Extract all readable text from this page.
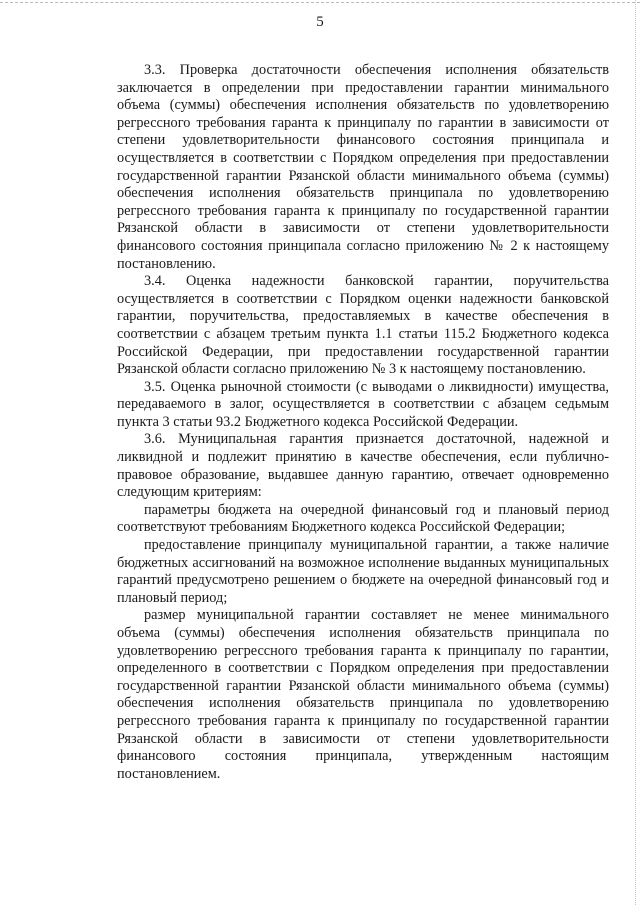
5

3.3. Проверка достаточности обеспечения исполнения обязательств заключается в определении при предоставлении гарантии минимального объема (суммы) обеспечения исполнения обязательств по удовлетворению регрессного требования гаранта к принципалу по гарантии в зависимости от степени удовлетворительности финансового состояния принципала и осуществляется в соответствии с Порядком определения при предоставлении государственной гарантии Рязанской области минимального объема (суммы) обеспечения исполнения обязательств принципала по удовлетворению регрессного требования гаранта к принципалу по государственной гарантии Рязанской области в зависимости от степени удовлетворительности финансового состояния принципала согласно приложению № 2 к настоящему постановлению.

3.4. Оценка надежности банковской гарантии, поручительства осуществляется в соответствии с Порядком оценки надежности банковской гарантии, поручительства, предоставляемых в качестве обеспечения в соответствии с абзацем третьим пункта 1.1 статьи 115.2 Бюджетного кодекса Российской Федерации, при предоставлении государственной гарантии Рязанской области согласно приложению № 3 к настоящему постановлению.

3.5. Оценка рыночной стоимости (с выводами о ликвидности) имущества, передаваемого в залог, осуществляется в соответствии с абзацем седьмым пункта 3 статьи 93.2 Бюджетного кодекса Российской Федерации.

3.6. Муниципальная гарантия признается достаточной, надежной и ликвидной и подлежит принятию в качестве обеспечения, если публично-правовое образование, выдавшее данную гарантию, отвечает одновременно следующим критериям:

параметры бюджета на очередной финансовый год и плановый период соответствуют требованиям Бюджетного кодекса Российской Федерации;

предоставление принципалу муниципальной гарантии, а также наличие бюджетных ассигнований на возможное исполнение выданных муниципальных гарантий предусмотрено решением о бюджете на очередной финансовый год и плановый период;

размер муниципальной гарантии составляет не менее минимального объема (суммы) обеспечения исполнения обязательств принципала по удовлетворению регрессного требования гаранта к принципалу по гарантии, определенного в соответствии с Порядком определения при предоставлении государственной гарантии Рязанской области минимального объема (суммы) обеспечения исполнения обязательств принципала по удовлетворению регрессного требования гаранта к принципалу по государственной гарантии Рязанской области в зависимости от степени удовлетворительности финансового состояния принципала, утвержденным настоящим постановлением.
